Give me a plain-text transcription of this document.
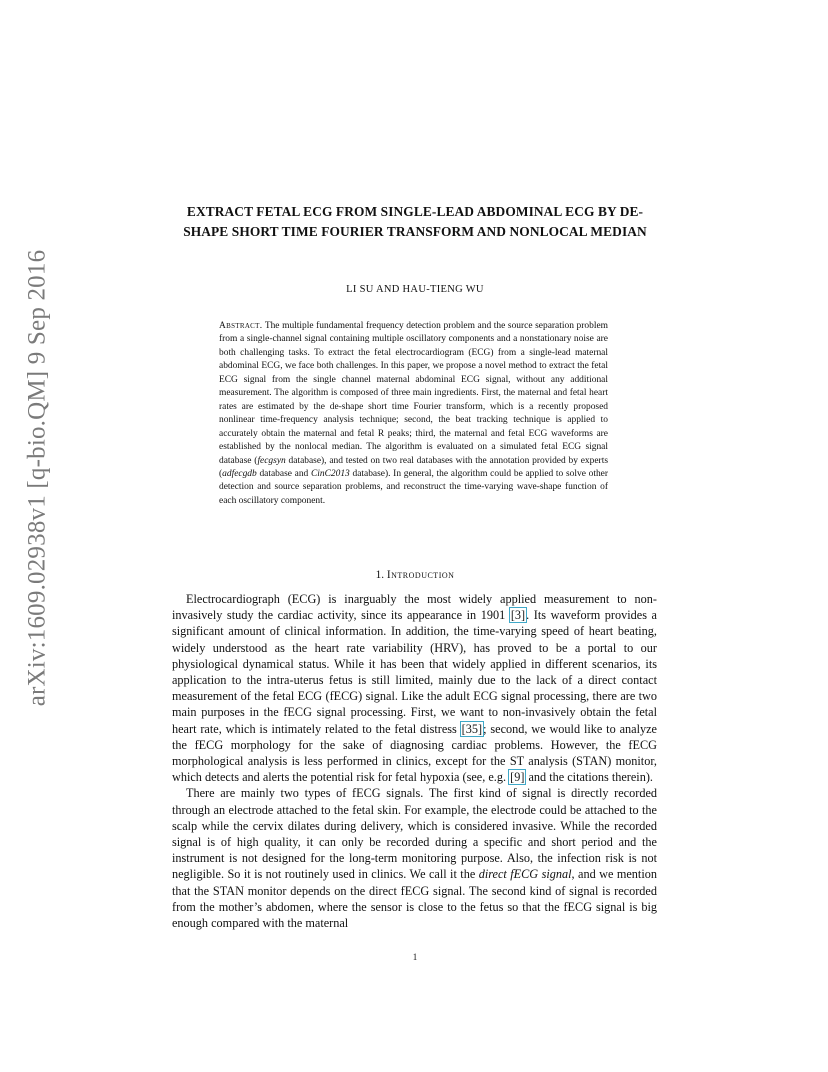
arXiv:1609.02938v1 [q-bio.QM] 9 Sep 2016
EXTRACT FETAL ECG FROM SINGLE-LEAD ABDOMINAL ECG BY DE-SHAPE SHORT TIME FOURIER TRANSFORM AND NONLOCAL MEDIAN
LI SU AND HAU-TIENG WU

Abstract. The multiple fundamental frequency detection problem and the source separation problem from a single-channel signal containing multiple oscillatory components and a nonstationary noise are both challenging tasks. To extract the fetal electrocardiogram (ECG) from a single-lead maternal abdominal ECG, we face both challenges. In this paper, we propose a novel method to extract the fetal ECG signal from the single channel maternal abdominal ECG signal, without any additional measurement. The algorithm is composed of three main ingredients. First, the maternal and fetal heart rates are estimated by the de-shape short time Fourier transform, which is a recently proposed nonlinear time-frequency analysis technique; second, the beat tracking technique is applied to accurately obtain the maternal and fetal R peaks; third, the maternal and fetal ECG waveforms are established by the nonlocal median. The algorithm is evaluated on a simulated fetal ECG signal database (fecgsyn database), and tested on two real databases with the annotation provided by experts (adfecgdb database and CinC2013 database). In general, the algorithm could be applied to solve other detection and source separation problems, and reconstruct the time-varying wave-shape function of each oscillatory component.

1. Introduction

Electrocardiograph (ECG) is inarguably the most widely applied measurement to non-invasively study the cardiac activity, since its appearance in 1901 [3]. Its waveform provides a significant amount of clinical information. In addition, the time-varying speed of heart beating, widely understood as the heart rate variability (HRV), has proved to be a portal to our physiological dynamical status. While it has been that widely applied in different scenarios, its application to the intra-uterus fetus is still limited, mainly due to the lack of a direct contact measurement of the fetal ECG (fECG) signal. Like the adult ECG signal processing, there are two main purposes in the fECG signal processing. First, we want to non-invasively obtain the fetal heart rate, which is intimately related to the fetal distress [35]; second, we would like to analyze the fECG morphology for the sake of diagnosing cardiac problems. However, the fECG morphological analysis is less performed in clinics, except for the ST analysis (STAN) monitor, which detects and alerts the potential risk for fetal hypoxia (see, e.g. [9] and the citations therein).

There are mainly two types of fECG signals. The first kind of signal is directly recorded through an electrode attached to the fetal skin. For example, the electrode could be attached to the scalp while the cervix dilates during delivery, which is considered invasive. While the recorded signal is of high quality, it can only be recorded during a specific and short period and the instrument is not designed for the long-term monitoring purpose. Also, the infection risk is not negligible. So it is not routinely used in clinics. We call it the direct fECG signal, and we mention that the STAN monitor depends on the direct fECG signal. The second kind of signal is recorded from the mother’s abdomen, where the sensor is close to the fetus so that the fECG signal is big enough compared with the maternal

1
